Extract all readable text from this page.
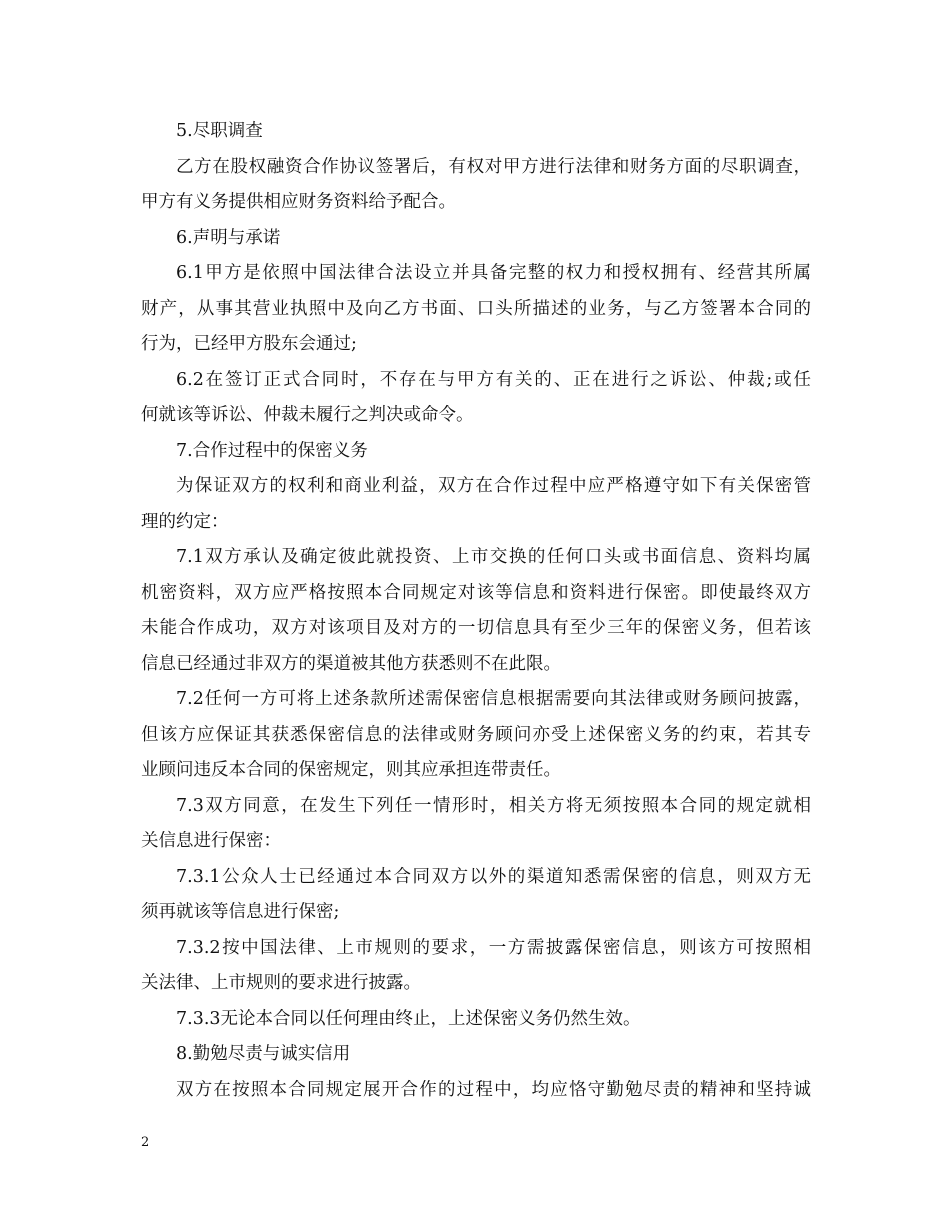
5.尽职调查
乙方在股权融资合作协议签署后，有权对甲方进行法律和财务方面的尽职调查，
甲方有义务提供相应财务资料给予配合。
6.声明与承诺
6.1甲方是依照中国法律合法设立并具备完整的权力和授权拥有、经营其所属
财产，从事其营业执照中及向乙方书面、口头所描述的业务，与乙方签署本合同的
行为，已经甲方股东会通过;
6.2在签订正式合同时，不存在与甲方有关的、正在进行之诉讼、仲裁;或任
何就该等诉讼、仲裁未履行之判决或命令。
7.合作过程中的保密义务
为保证双方的权利和商业利益，双方在合作过程中应严格遵守如下有关保密管
理的约定：
7.1双方承认及确定彼此就投资、上市交换的任何口头或书面信息、资料均属
机密资料，双方应严格按照本合同规定对该等信息和资料进行保密。即使最终双方
未能合作成功，双方对该项目及对方的一切信息具有至少三年的保密义务，但若该
信息已经通过非双方的渠道被其他方获悉则不在此限。
7.2任何一方可将上述条款所述需保密信息根据需要向其法律或财务顾问披露，
但该方应保证其获悉保密信息的法律或财务顾问亦受上述保密义务的约束，若其专
业顾问违反本合同的保密规定，则其应承担连带责任。
7.3双方同意，在发生下列任一情形时，相关方将无须按照本合同的规定就相
关信息进行保密：
7.3.1公众人士已经通过本合同双方以外的渠道知悉需保密的信息，则双方无
须再就该等信息进行保密;
7.3.2按中国法律、上市规则的要求，一方需披露保密信息，则该方可按照相
关法律、上市规则的要求进行披露。
7.3.3无论本合同以任何理由终止，上述保密义务仍然生效。
8.勤勉尽责与诚实信用
双方在按照本合同规定展开合作的过程中，均应恪守勤勉尽责的精神和坚持诚
2
